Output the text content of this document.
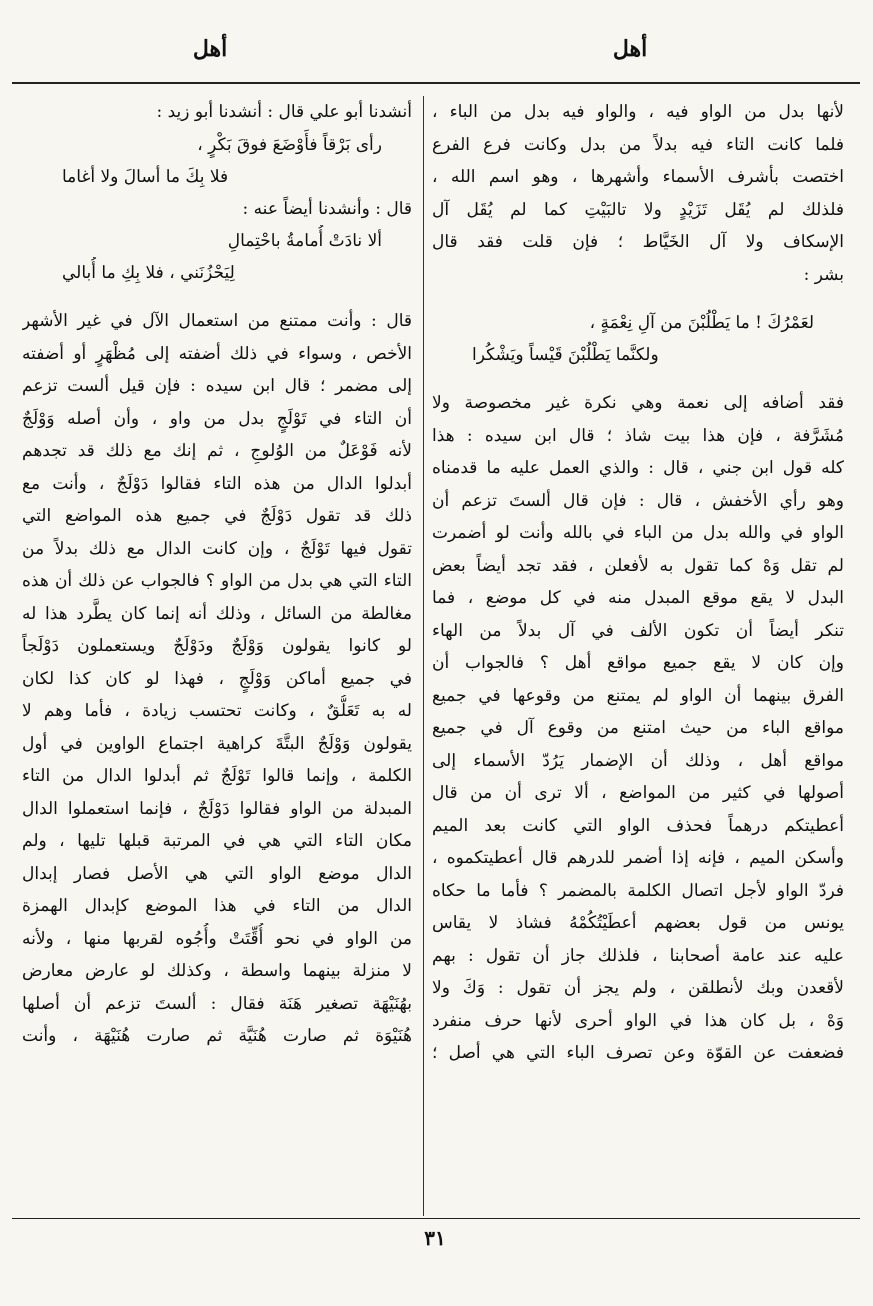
أهل
أهل
لأنها بدل من الواو فيه ، والواو فيه بدل من الباء ،
فلما كانت التاء فيه بدلاً من بدل وكانت فرع الفرع
اختصت بأشرف الأسماء وأشهرها ، وهو اسم الله ،
فلذلك لم يُقَل تَزَيْدٍ ولا تالبَيْتِ كما لم يُقَل آل
الإسكاف ولا آل الخَيَّاط ؛ فإن قلت فقد قال
بشر :
لعَمْرُكَ ! ما يَطْلُبْنَ من آلِ نِعْمَةٍ ،
ولكنَّما يَطْلُبْنَ قَيْساً ويَشْكُرا
فقد أضافه إلى نعمة وهي نكرة غير مخصوصة ولا
مُشَرَّفة ، فإن هذا بيت شاذ ؛ قال ابن سيده : هذا
كله قول ابن جني ، قال : والذي العمل عليه ما قدمناه
وهو رأي الأخفش ، قال : فإن قال ألستَ تزعم أن
الواو في والله بدل من الباء في بالله وأنت لو أضمرت
لم تقل وَهْ كما تقول به لأفعلن ، فقد تجد أيضاً بعض
البدل لا يقع موقع المبدل منه في كل موضع ، فما
تنكر أيضاً أن تكون الألف في آل بدلاً من الهاء
وإن كان لا يقع جميع مواقع أهل ؟ فالجواب أن
الفرق بينهما أن الواو لم يمتنع من وقوعها في جميع
مواقع الباء من حيث امتنع من وقوع آل في جميع
مواقع أهل ، وذلك أن الإضمار يَرُدّ الأسماء إلى
أصولها في كثير من المواضع ، ألا ترى أن من قال
أعطيتكم درهماً فحذف الواو التي كانت بعد الميم
وأسكن الميم ، فإنه إذا أضمر للدرهم قال أعطيتكموه ،
فردّ الواو لأجل اتصال الكلمة بالمضمر ؟ فأما ما حكاه
يونس من قول بعضهم أعطَيْتُكُمْهُ فشاذ لا يقاس
عليه عند عامة أصحابنا ، فلذلك جاز أن تقول : بهم
لأقعدن وبك لأنطلقن ، ولم يجز أن تقول : وَكَ ولا
وَهْ ، بل كان هذا في الواو أحرى لأنها حرف منفرد
فضعفت عن القوّة وعن تصرف الباء التي هي أصل ؛
أنشدنا أبو علي قال : أنشدنا أبو زيد :
رأى بَرْقاً فأَوْضَعَ فوقَ بَكْرٍ ،
فلا بِكَ ما أسالَ ولا أغاما
قال : وأنشدنا أيضاً عنه :
ألا نادَتْ أُمامةُ باحْتِمالِ
لِيَحْزُنَني ، فلا بِكِ ما أُبالي
قال : وأنت ممتنع من استعمال الآل في غير الأشهر
الأخص ، وسواء في ذلك أضفته إلى مُظْهَرٍ أو أضفته
إلى مضمر ؛ قال ابن سيده : فإن قيل ألست تزعم
أن التاء في تَوْلَجٍ بدل من واو ، وأن أصله وَوْلَجٌ
لأنه فَوْعَلٌ من الوُلوجِ ، ثم إنك مع ذلك قد تجدهم
أبدلوا الدال من هذه التاء فقالوا دَوْلَجٌ ، وأنت مع
ذلك قد تقول دَوْلَجٌ في جميع هذه المواضع التي
تقول فيها تَوْلَجٌ ، وإن كانت الدال مع ذلك بدلاً من
التاء التي هي بدل من الواو ؟ فالجواب عن ذلك أن هذه
مغالطة من السائل ، وذلك أنه إنما كان يطَّرد هذا له
لو كانوا يقولون وَوْلَجٌ ودَوْلَجٌ ويستعملون دَوْلَجاً
في جميع أماكن وَوْلَجٍ ، فهذا لو كان كذا لكان
له به تَعَلُّقٌ ، وكانت تحتسب زيادة ، فأما وهم لا
يقولون وَوْلَجٌ البتَّةَ كراهية اجتماع الواوين في أول
الكلمة ، وإنما قالوا تَوْلَجٌ ثم أبدلوا الدال من التاء
المبدلة من الواو فقالوا دَوْلَجٌ ، فإنما استعملوا الدال
مكان التاء التي هي في المرتبة قبلها تليها ، ولم
الدال موضع الواو التي هي الأصل فصار إبدال
الدال من التاء في هذا الموضع كإبدال الهمزة
من الواو في نحو أُقِّتَتْ وأُجُوه لقربها منها ، ولأنه
لا منزلة بينهما واسطة ، وكذلك لو عارض معارض
بهُنَيْهَة تصغير هَنَة فقال : ألستَ تزعم أن أصلها
هُنَيْوَة ثم صارت هُنَيَّة ثم صارت هُنَيْهَة ، وأنت
٣١
